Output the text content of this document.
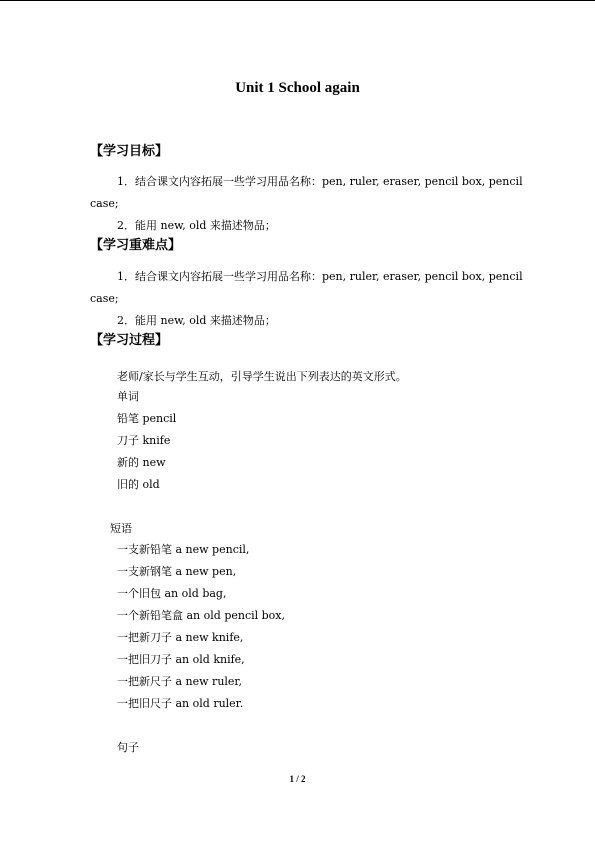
Unit 1 School again
【学习目标】
1．结合课文内容拓展一些学习用品名称：pen, ruler, eraser, pencil box, pencil
case;
2．能用 new, old 来描述物品；
【学习重难点】
1．结合课文内容拓展一些学习用品名称：pen, ruler, eraser, pencil box, pencil
case;
2．能用 new, old 来描述物品；
【学习过程】
老师/家长与学生互动，引导学生说出下列表达的英文形式。
单词
铅笔 pencil
刀子 knife
新的 new
旧的 old
短语
一支新铅笔 a new pencil,
一支新钢笔 a new pen,
一个旧包 an old bag,
一个新铅笔盒 an old pencil box,
一把新刀子 a new knife,
一把旧刀子 an old knife,
一把新尺子 a new ruler,
一把旧尺子 an old ruler.
句子
1 / 2
